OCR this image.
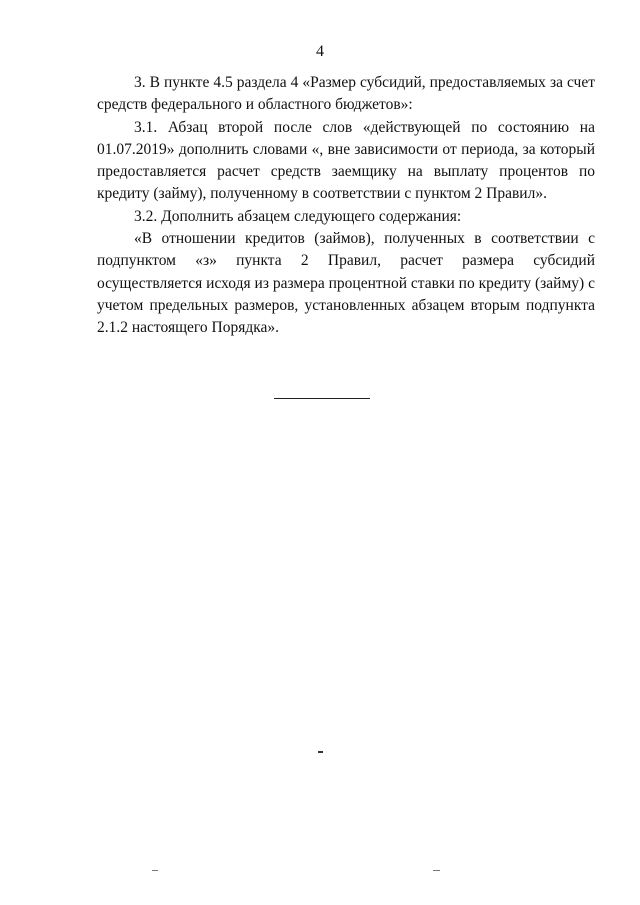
4

3. В пункте 4.5 раздела 4 «Размер субсидий, предоставляемых за счет средств федерального и областного бюджетов»:

3.1. Абзац второй после слов «действующей по состоянию на 01.07.2019» дополнить словами «, вне зависимости от периода, за который предоставляется расчет средств заемщику на выплату процентов по кредиту (займу), полученному в соответствии с пунктом 2 Правил».

3.2. Дополнить абзацем следующего содержания:

«В отношении кредитов (займов), полученных в соответствии с подпунктом «з» пункта 2 Правил, расчет размера субсидий осуществляется исходя из размера процентной ставки по кредиту (займу) с учетом предельных размеров, установленных абзацем вторым подпункта 2.1.2 настоящего Порядка».
